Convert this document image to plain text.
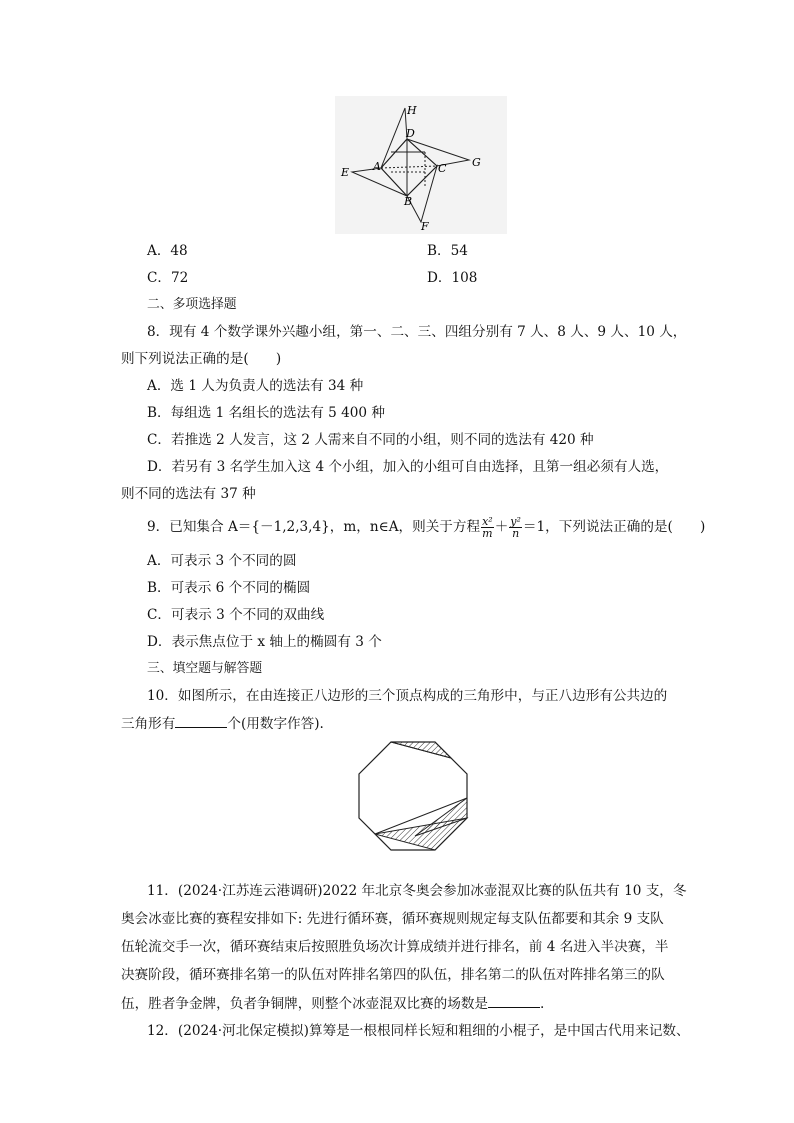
H
D
G
E A	C
B
F
A．48	B．54
C．72	D．108
二、多项选择题
8．现有 4 个数学课外兴趣小组，第一、二、三、四组分别有 7 人、8 人、9 人、10 人，
则下列说法正确的是(　　)
A．选 1 人为负责人的选法有 34 种
B．每组选 1 名组长的选法有 5 400 种
C．若推选 2 人发言，这 2 人需来自不同的小组，则不同的选法有 420 种
D．若另有 3 名学生加入这 4 个小组，加入的小组可自由选择，且第一组必须有人选，
则不同的选法有 37 种
9．已知集合 A＝{－1,2,3,4}，m，n∈A，则关于方程 $\frac{\text{x²}}{m} + \frac{\text{y²}}{n} =1$，下列说法正确的是(　　)
A．可表示 3 个不同的圆
B．可表示 6 个不同的椭圆
C．可表示 3 个不同的双曲线
D．表示焦点位于 x 轴上的椭圆有 3 个
三、填空题与解答题
10．如图所示，在由连接正八边形的三个顶点构成的三角形中，与正八边形有公共边的
三角形有	个(用数字作答).
11．(2024·江苏连云港调研)2022 年北京冬奥会参加冰壶混双比赛的队伍共有 10 支，冬
奥会冰壶比赛的赛程安排如下: 先进行循环赛，循环赛规则规定每支队伍都要和其余 9 支队
伍轮流交手一次，循环赛结束后按照胜负场次计算成绩并进行排名，前 4 名进入半决赛，半
决赛阶段，循环赛排名第一的队伍对阵排名第四的队伍，排名第二的队伍对阵排名第三的队
伍，胜者争金牌，负者争铜牌，则整个冰壶混双比赛的场数是	.
12．(2024·河北保定模拟)算筹是一根根同样长短和粗细的小棍子，是中国古代用来记数、
